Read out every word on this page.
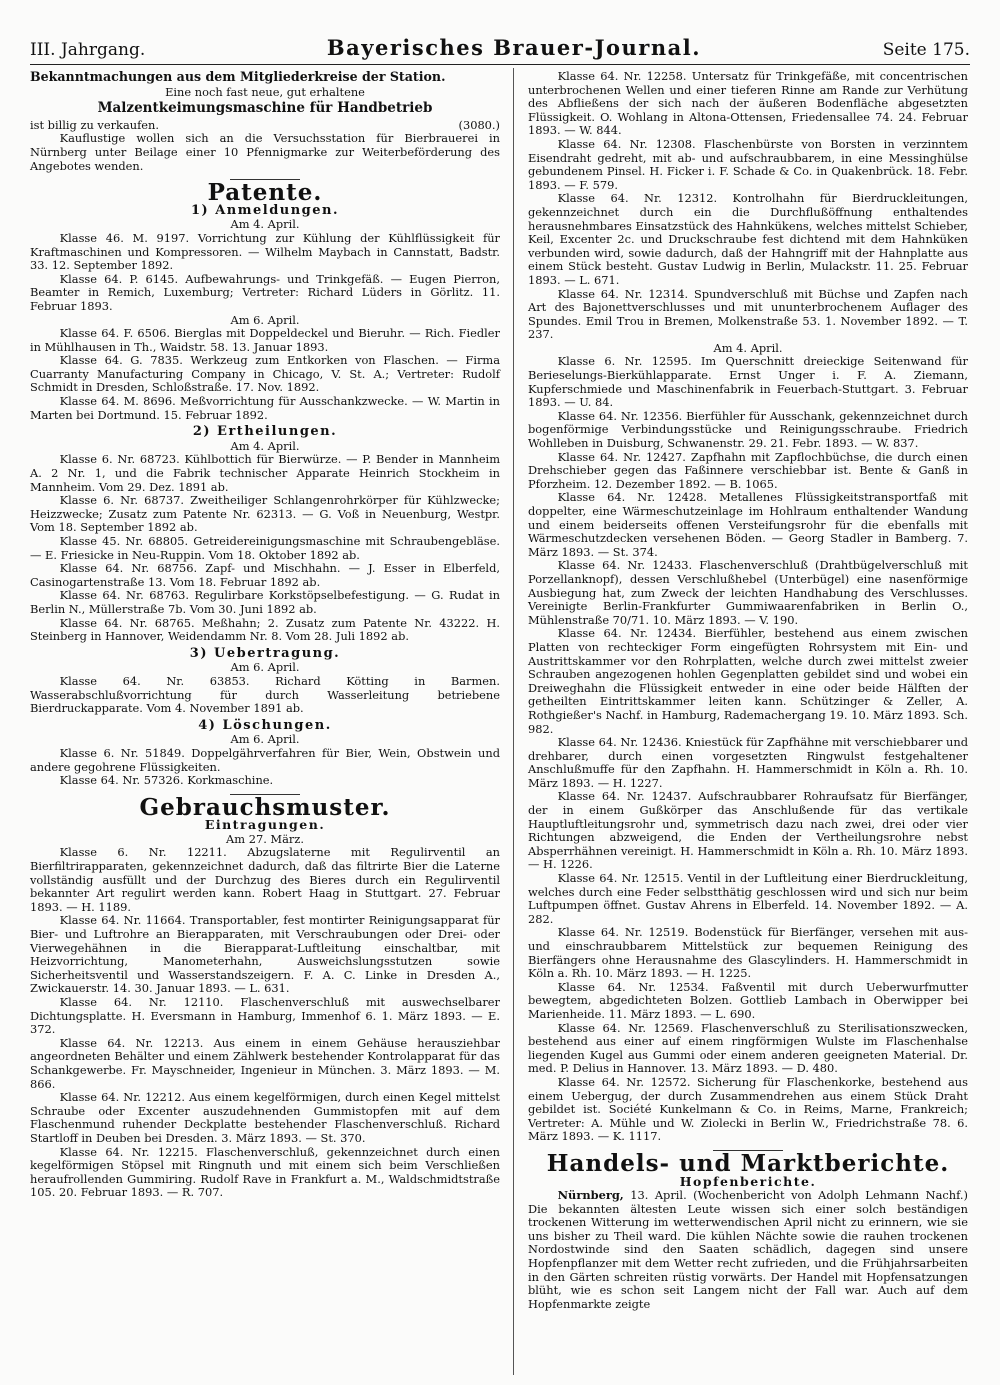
III. Jahrgang.	Bayerisches Brauer-Journal.	Seite 175.
Bekanntmachungen aus dem Mitgliederkreise der Station.
Eine noch fast neue, gut erhaltene
Malzentkeimungsmaschine für Handbetrieb
ist billig zu verkaufen.	(3080.)

Kauflustige wollen sich an die Versuchsstation für Bierbrauerei in Nürnberg unter Beilage einer 10 Pfennigmarke zur Weiterbeförderung des Angebotes wenden.

Patente.
1) Anmeldungen.
Am 4. April.

Klasse 46. M. 9197. Vorrichtung zur Kühlung der Kühlflüssigkeit für Kraftmaschinen und Kompressoren. — Wilhelm Maybach in Cannstatt, Badstr. 33. 12. September 1892.

Klasse 64. P. 6145. Aufbewahrungs- und Trinkgefäß. — Eugen Pierron, Beamter in Remich, Luxemburg; Vertreter: Richard Lüders in Görlitz. 11. Februar 1893.

Am 6. April.

Klasse 64. F. 6506. Bierglas mit Doppeldeckel und Bieruhr. — Rich. Fiedler in Mühlhausen in Th., Waidstr. 58. 13. Januar 1893.

Klasse 64. G. 7835. Werkzeug zum Entkorken von Flaschen. — Firma Cuarranty Manufacturing Company in Chicago, V. St. A.; Vertreter: Rudolf Schmidt in Dresden, Schloßstraße. 17. Nov. 1892.

Klasse 64. M. 8696. Meßvorrichtung für Ausschankzwecke. — W. Martin in Marten bei Dortmund. 15. Februar 1892.

2) Ertheilungen.
Am 4. April.

Klasse 6. Nr. 68723. Kühlbottich für Bierwürze. — P. Bender in Mannheim A. 2 Nr. 1, und die Fabrik technischer Apparate Heinrich Stockheim in Mannheim. Vom 29. Dez. 1891 ab.

Klasse 6. Nr. 68737. Zweitheiliger Schlangenrohrkörper für Kühlzwecke; Heizzwecke; Zusatz zum Patente Nr. 62313. — G. Voß in Neuenburg, Westpr. Vom 18. September 1892 ab.

Klasse 45. Nr. 68805. Getreidereinigungsmaschine mit Schraubengebläse. — E. Friesicke in Neu-Ruppin. Vom 18. Oktober 1892 ab.

Klasse 64. Nr. 68756. Zapf- und Mischhahn. — J. Esser in Elberfeld, Casinogartenstraße 13. Vom 18. Februar 1892 ab.

Klasse 64. Nr. 68763. Regulirbare Korkstöpselbefestigung. — G. Rudat in Berlin N., Müllerstraße 7b. Vom 30. Juni 1892 ab.

Klasse 64. Nr. 68765. Meßhahn; 2. Zusatz zum Patente Nr. 43222. H. Steinberg in Hannover, Weidendamm Nr. 8. Vom 28. Juli 1892 ab.

3) Uebertragung.
Am 6. April.

Klasse 64. Nr. 63853. Richard Kötting in Barmen. Wasserabschlußvorrichtung für durch Wasserleitung betriebene Bierdruckapparate. Vom 4. November 1891 ab.

4) Löschungen.
Am 6. April.

Klasse 6. Nr. 51849. Doppelgährverfahren für Bier, Wein, Obstwein und andere gegohrene Flüssigkeiten.

Klasse 64. Nr. 57326. Korkmaschine.

Gebrauchsmuster.
Eintragungen.
Am 27. März.

Klasse 6. Nr. 12211. Abzugslaterne mit Regulirventil an Bierfiltrirapparaten, gekennzeichnet dadurch, daß das filtrirte Bier die Laterne vollständig ausfüllt und der Durchzug des Bieres durch ein Regulirventil bekannter Art regulirt werden kann. Robert Haag in Stuttgart. 27. Februar 1893. — H. 1189.

Klasse 64. Nr. 11664. Transportabler, fest montirter Reinigungsapparat für Bier- und Luftrohre an Bierapparaten, mit Verschraubungen oder Drei- oder Vierwegehähnen in die Bierapparat-Luftleitung einschaltbar, mit Heizvorrichtung, Manometerhahn, Ausweichslungsstutzen sowie Sicherheitsventil und Wasserstandszeigern. F. A. C. Linke in Dresden A., Zwickauerstr. 14. 30. Januar 1893. — L. 631.

Klasse 64. Nr. 12110. Flaschenverschluß mit auswechselbarer Dichtungsplatte. H. Eversmann in Hamburg, Immenhof 6. 1. März 1893. — E. 372.

Klasse 64. Nr. 12213. Aus einem in einem Gehäuse herausziehbar angeordneten Behälter und einem Zählwerk bestehender Kontrolapparat für das Schankgewerbe. Fr. Mayschneider, Ingenieur in München. 3. März 1893. — M. 866.

Klasse 64. Nr. 12212. Aus einem kegelförmigen, durch einen Kegel mittelst Schraube oder Excenter auszudehnenden Gummistopfen mit auf dem Flaschenmund ruhender Deckplatte bestehender Flaschenverschluß. Richard Startloff in Deuben bei Dresden. 3. März 1893. — St. 370.

Klasse 64. Nr. 12215. Flaschenverschluß, gekennzeichnet durch einen kegelförmigen Stöpsel mit Ringnuth und mit einem sich beim Verschließen heraufrollenden Gummiring. Rudolf Rave in Frankfurt a. M., Waldschmidtstraße 105. 20. Februar 1893. — R. 707.

Klasse 64. Nr. 12258. Untersatz für Trinkgefäße, mit concentrischen unterbrochenen Wellen und einer tieferen Rinne am Rande zur Verhütung des Abfließens der sich nach der äußeren Bodenfläche abgesetzten Flüssigkeit. O. Wohlang in Altona-Ottensen, Friedensallee 74. 24. Februar 1893. — W. 844.

Klasse 64. Nr. 12308. Flaschenbürste von Borsten in verzinntem Eisendraht gedreht, mit ab- und aufschraubbarem, in eine Messinghülse gebundenem Pinsel. H. Ficker i. F. Schade & Co. in Quakenbrück. 18. Febr. 1893. — F. 579.

Klasse 64. Nr. 12312. Kontrolhahn für Bierdruckleitungen, gekennzeichnet durch ein die Durchflußöffnung enthaltendes herausnehmbares Einsatzstück des Hahnkükens, welches mittelst Schieber, Keil, Excenter 2c. und Druckschraube fest dichtend mit dem Hahnküken verbunden wird, sowie dadurch, daß der Hahngriff mit der Hahnplatte aus einem Stück besteht. Gustav Ludwig in Berlin, Mulackstr. 11. 25. Februar 1893. — L. 671.

Klasse 64. Nr. 12314. Spundverschluß mit Büchse und Zapfen nach Art des Bajonettverschlusses und mit ununterbrochenem Auflager des Spundes. Emil Trou in Bremen, Molkenstraße 53. 1. November 1892. — T. 237.

Am 4. April.

Klasse 6. Nr. 12595. Im Querschnitt dreieckige Seitenwand für Berieselungs-Bierkühlapparate. Ernst Unger i. F. A. Ziemann, Kupferschmiede und Maschinenfabrik in Feuerbach-Stuttgart. 3. Februar 1893. — U. 84.

Klasse 64. Nr. 12356. Bierfühler für Ausschank, gekennzeichnet durch bogenförmige Verbindungsstücke und Reinigungsschraube. Friedrich Wohlleben in Duisburg, Schwanenstr. 29. 21. Febr. 1893. — W. 837.

Klasse 64. Nr. 12427. Zapfhahn mit Zapflochbüchse, die durch einen Drehschieber gegen das Faßinnere verschiebbar ist. Bente & Ganß in Pforzheim. 12. Dezember 1892. — B. 1065.

Klasse 64. Nr. 12428. Metallenes Flüssigkeitstransportfaß mit doppelter, eine Wärmeschutzeinlage im Hohlraum enthaltender Wandung und einem beiderseits offenen Versteifungsrohr für die ebenfalls mit Wärmeschutzdecken versehenen Böden. — Georg Stadler in Bamberg. 7. März 1893. — St. 374.

Klasse 64. Nr. 12433. Flaschenverschluß (Drahtbügelverschluß mit Porzellanknopf), dessen Verschlußhebel (Unterbügel) eine nasenförmige Ausbiegung hat, zum Zweck der leichten Handhabung des Verschlusses. Vereinigte Berlin-Frankfurter Gummiwaarenfabriken in Berlin O., Mühlenstraße 70/71. 10. März 1893. — V. 190.

Klasse 64. Nr. 12434. Bierfühler, bestehend aus einem zwischen Platten von rechteckiger Form eingefügten Rohrsystem mit Ein- und Austrittskammer vor den Rohrplatten, welche durch zwei mittelst zweier Schrauben angezogenen hohlen Gegenplatten gebildet sind und wobei ein Dreiweghahn die Flüssigkeit entweder in eine oder beide Hälften der getheilten Eintrittskammer leiten kann. Schützinger & Zeller, A. Rothgießer's Nachf. in Hamburg, Rademachergang 19. 10. März 1893. Sch. 982.

Klasse 64. Nr. 12436. Kniestück für Zapfhähne mit verschiebbarer und drehbarer, durch einen vorgesetzten Ringwulst festgehaltener Anschlußmuffe für den Zapfhahn. H. Hammerschmidt in Köln a. Rh. 10. März 1893. — H. 1227.

Klasse 64. Nr. 12437. Aufschraubbarer Rohraufsatz für Bierfänger, der in einem Gußkörper das Anschlußende für das vertikale Hauptluftleitungsrohr und, symmetrisch dazu nach zwei, drei oder vier Richtungen abzweigend, die Enden der Vertheilungsrohre nebst Absperrhähnen vereinigt. H. Hammerschmidt in Köln a. Rh. 10. März 1893. — H. 1226.

Klasse 64. Nr. 12515. Ventil in der Luftleitung einer Bierdruckleitung, welches durch eine Feder selbstthätig geschlossen wird und sich nur beim Luftpumpen öffnet. Gustav Ahrens in Elberfeld. 14. November 1892. — A. 282.

Klasse 64. Nr. 12519. Bodenstück für Bierfänger, versehen mit aus- und einschraubbarem Mittelstück zur bequemen Reinigung des Bierfängers ohne Herausnahme des Glascylinders. H. Hammerschmidt in Köln a. Rh. 10. März 1893. — H. 1225.

Klasse 64. Nr. 12534. Faßventil mit durch Ueberwurfmutter bewegtem, abgedichteten Bolzen. Gottlieb Lambach in Oberwipper bei Marienheide. 11. März 1893. — L. 690.

Klasse 64. Nr. 12569. Flaschenverschluß zu Sterilisationszwecken, bestehend aus einer auf einem ringförmigen Wulste im Flaschenhalse liegenden Kugel aus Gummi oder einem anderen geeigneten Material. Dr. med. P. Delius in Hannover. 13. März 1893. — D. 480.

Klasse 64. Nr. 12572. Sicherung für Flaschenkorke, bestehend aus einem Uebergug, der durch Zusammendrehen aus einem Stück Draht gebildet ist. Société Kunkelmann & Co. in Reims, Marne, Frankreich; Vertreter: A. Mühle und W. Ziolecki in Berlin W., Friedrichstraße 78. 6. März 1893. — K. 1117.

Handels- und Marktberichte.
Hopfenberichte.

Nürnberg, 13. April. (Wochenbericht von Adolph Lehmann Nachf.) Die bekannten ältesten Leute wissen sich einer solch beständigen trockenen Witterung im wetterwendischen April nicht zu erinnern, wie sie uns bisher zu Theil ward. Die kühlen Nächte sowie die rauhen trockenen Nordostwinde sind den Saaten schädlich, dagegen sind unsere Hopfenpflanzer mit dem Wetter recht zufrieden, und die Frühjahrsarbeiten in den Gärten schreiten rüstig vorwärts. Der Handel mit Hopfensatzungen blüht, wie es schon seit Langem nicht der Fall war. Auch auf dem Hopfenmarkte zeigte
